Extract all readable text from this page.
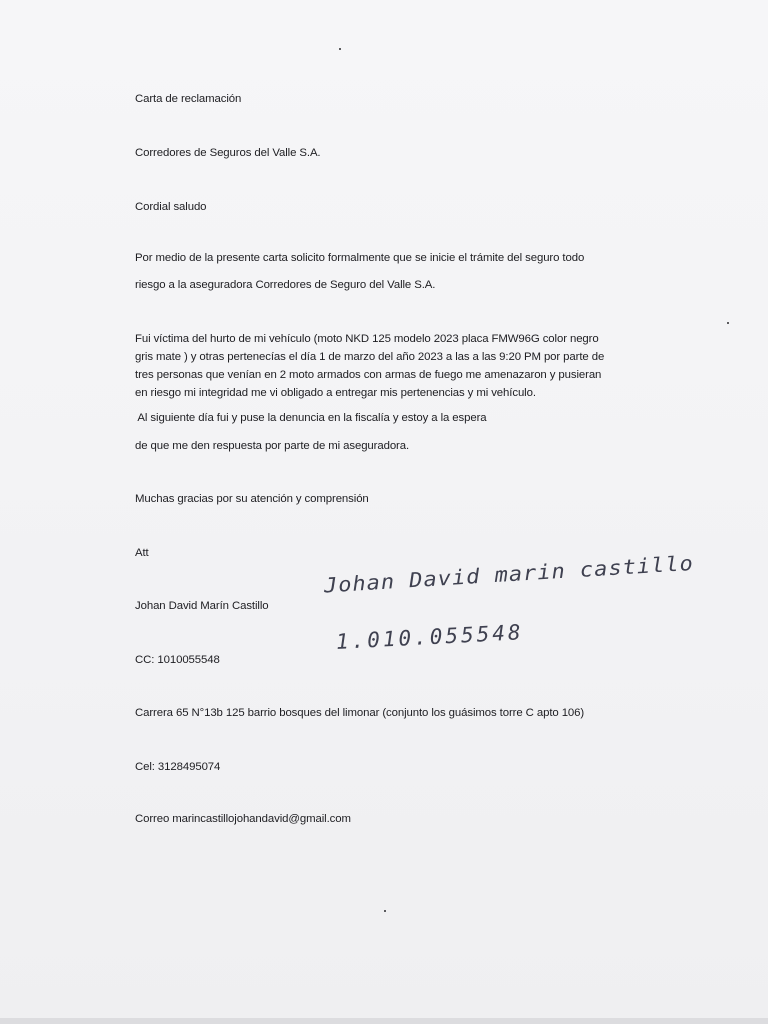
Carta de reclamación

Corredores de Seguros del Valle S.A.

Cordial saludo

Por medio de la presente carta solicito formalmente que se inicie el trámite del seguro todo

riesgo a la aseguradora Corredores de Seguro del Valle S.A.

Fui víctima del hurto de mi vehículo (moto NKD 125 modelo 2023 placa FMW96G color negro

gris mate ) y otras pertenecías el día 1 de marzo del año 2023 a las a las 9:20 PM por parte de

tres personas que venían en 2 moto armados con armas de fuego me amenazaron y pusieran

en riesgo mi integridad me vi obligado a entregar mis pertenencias y mi vehículo.

Al siguiente día fui y puse la denuncia en la fiscalía y estoy a la espera

de que me den respuesta por parte de mi aseguradora.

Muchas gracias por su atención y comprensión

Att

Johan David Marín Castillo

Johan David marin castillo

1.010.055548

CC: 1010055548

Carrera 65 N°13b 125 barrio bosques del limonar (conjunto los guásimos torre C apto 106)

Cel: 3128495074

Correo marincastillojohandavid@gmail.com
